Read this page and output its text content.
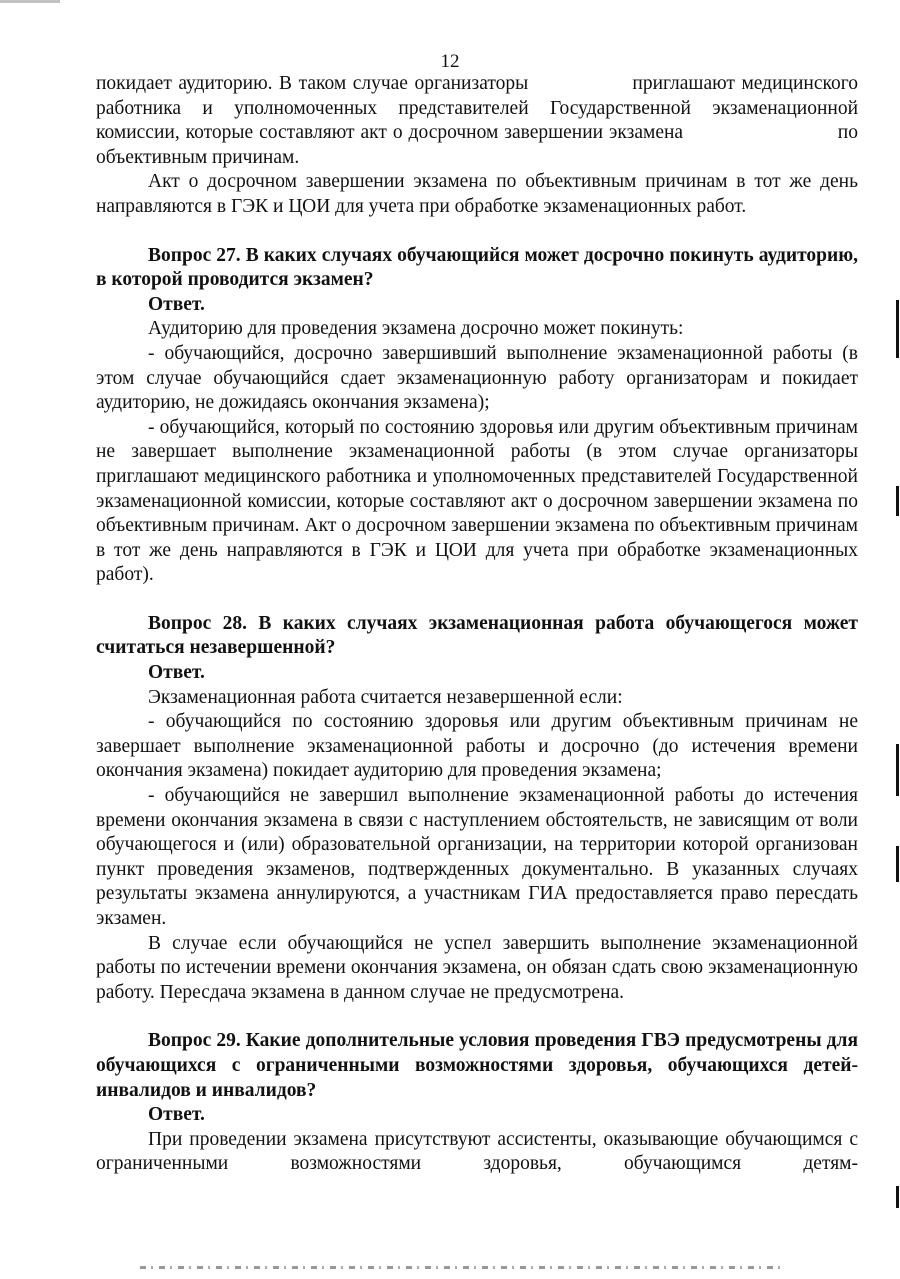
12

покидает аудиторию. В таком случае организаторы                приглашают медицинского работника и уполномоченных представителей Государственной экзаменационной комиссии, которые составляют акт о досрочном завершении экзамена                          по объективным причинам.

Акт о досрочном завершении экзамена по объективным причинам в тот же день направляются в ГЭК и ЦОИ для учета при обработке экзаменационных работ.

Вопрос 27. В каких случаях обучающийся может досрочно покинуть аудиторию, в которой проводится экзамен?

Ответ.

Аудиторию для проведения экзамена досрочно может покинуть:

- обучающийся, досрочно завершивший выполнение экзаменационной работы (в этом случае обучающийся сдает экзаменационную работу организаторам и покидает аудиторию, не дожидаясь окончания экзамена);

- обучающийся, который по состоянию здоровья или другим объективным причинам не завершает выполнение экзаменационной работы (в этом случае организаторы приглашают медицинского работника и уполномоченных представителей Государственной экзаменационной комиссии, которые составляют акт о досрочном завершении экзамена по объективным причинам. Акт о досрочном завершении экзамена по объективным причинам в тот же день направляются в ГЭК и ЦОИ для учета при обработке экзаменационных работ).

Вопрос 28. В каких случаях экзаменационная работа обучающегося может считаться незавершенной?

Ответ.

Экзаменационная работа считается незавершенной если:

- обучающийся по состоянию здоровья или другим объективным причинам не завершает выполнение экзаменационной работы и досрочно (до истечения времени окончания экзамена) покидает аудиторию для проведения экзамена;

- обучающийся не завершил выполнение экзаменационной работы до истечения времени окончания экзамена в связи с наступлением обстоятельств, не зависящим от воли обучающегося и (или) образовательной организации, на территории которой организован пункт проведения экзаменов, подтвержденных документально. В указанных случаях результаты экзамена аннулируются, а участникам ГИА предоставляется право пересдать экзамен.

В случае если обучающийся не успел завершить выполнение экзаменационной работы по истечении времени окончания экзамена, он обязан сдать свою экзаменационную работу. Пересдача экзамена в данном случае не предусмотрена.

Вопрос 29. Какие дополнительные условия проведения ГВЭ предусмотрены для обучающихся с ограниченными возможностями здоровья, обучающихся детей-инвалидов и инвалидов?

Ответ.

При проведении экзамена присутствуют ассистенты, оказывающие обучающимся с ограниченными возможностями здоровья, обучающимся детям-
